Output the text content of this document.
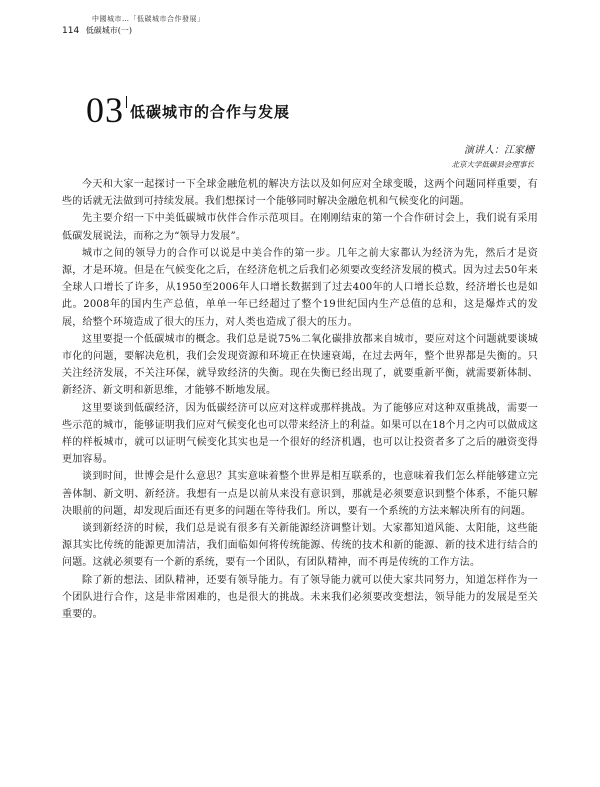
中國城市…「低碳城市合作發展」
114 低碳城市(一)
03 低碳城市的合作与发展
演讲人：江家栅
北京大学低碳县会理事长

今天和大家一起探讨一下全球金融危机的解决方法以及如何应对全球变暖，这两个问题同样重要，有些的话就无法做到可持续发展。我们想探讨一个能够同时解决金融危机和气候变化的问题。

先主要介绍一下中美低碳城市伙伴合作示范项目。在刚刚结束的第一个合作研讨会上，我们说有采用低碳发展说法，而称之为“领导力发展”。

城市之间的领导力的合作可以说是中美合作的第一步。几年之前大家都认为经济为先，然后才是资源，才是环境。但是在气候变化之后，在经济危机之后我们必须要改变经济发展的模式。因为过去50年来全球人口增长了许多，从1950至2006年人口增长数据到了过去400年的人口增长总数，经济增长也是如此。2008年的国内生产总值，单单一年已经超过了整个19世纪国内生产总值的总和，这是爆炸式的发展，给整个环境造成了很大的压力，对人类也造成了很大的压力。

这里要提一个低碳城市的概念。我们总是说75%二氧化碳排放都来自城市，要应对这个问题就要谈城市化的问题，要解决危机，我们会发现资源和环境正在快速衰竭，在过去两年，整个世界都是失衡的。只关注经济发展，不关注环保，就导致经济的失衡。现在失衡已经出现了，就要重新平衡，就需要新体制、新经济、新文明和新思维，才能够不断地发展。

这里要谈到低碳经济，因为低碳经济可以应对这样或那样挑战。为了能够应对这种双重挑战，需要一些示范的城市，能够证明我们应对气候变化也可以带来经济上的利益。如果可以在18个月之内可以做成这样的样板城市，就可以证明气候变化其实也是一个很好的经济机遇，也可以让投资者多了之后的融资变得更加容易。

谈到时间，世博会是什么意思？其实意味着整个世界是相互联系的，也意味着我们怎么样能够建立完善体制、新文明、新经济。我想有一点是以前从来没有意识到，那就是必须要意识到整个体系，不能只解决眼前的问题，却发现后面还有更多的问题在等待我们。所以，要有一个系统的方法来解决所有的问题。

谈到新经济的时候，我们总是说有很多有关新能源经济调整计划。大家都知道风能、太阳能，这些能源其实比传统的能源更加清洁，我们面临如何将传统能源、传统的技术和新的能源、新的技术进行结合的问题。这就必须要有一个新的系统，要有一个团队，有团队精神，而不再是传统的工作方法。

除了新的想法、团队精神，还要有领导能力。有了领导能力就可以使大家共同努力，知道怎样作为一个团队进行合作，这是非常困难的，也是很大的挑战。未来我们必须要改变想法，领导能力的发展是至关重要的。
